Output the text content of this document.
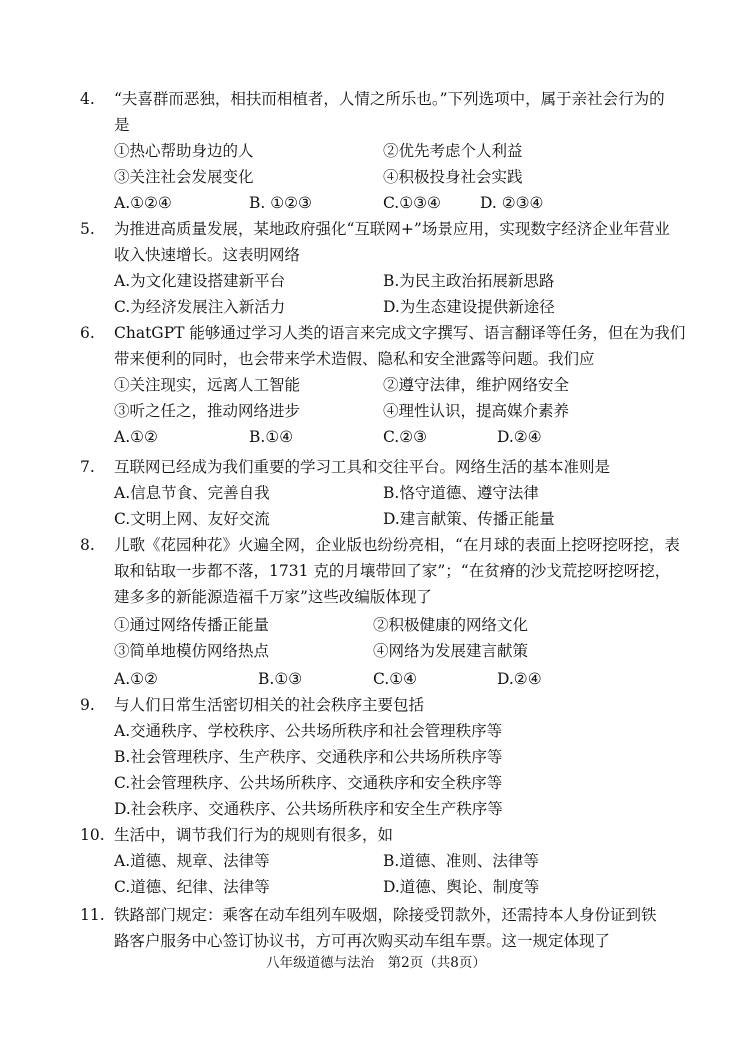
4. “夫喜群而恶独，相扶而相植者，人情之所乐也。”下列选项中，属于亲社会行为的
是
①热心帮助身边的人	②优先考虑个人利益
③关注社会发展变化	④积极投身社会实践
A.①②④	B. ①②③	C.①③④	D. ②③④
5. 为推进高质量发展，某地政府强化“互联网+”场景应用，实现数字经济企业年营业
收入快速增长。这表明网络
A.为文化建设搭建新平台	B.为民主政治拓展新思路
C.为经济发展注入新活力	D.为生态建设提供新途径
6. ChatGPT 能够通过学习人类的语言来完成文字撰写、语言翻译等任务，但在为我们
带来便利的同时，也会带来学术造假、隐私和安全泄露等问题。我们应
①关注现实，远离人工智能	②遵守法律，维护网络安全
③听之任之，推动网络进步	④理性认识，提高媒介素养
A.①②	B.①④	C.②③	D.②④
7. 互联网已经成为我们重要的学习工具和交往平台。网络生活的基本准则是
A.信息节食、完善自我	B.恪守道德、遵守法律
C.文明上网、友好交流	D.建言献策、传播正能量
8. 儿歌《花园种花》火遍全网，企业版也纷纷亮相，“在月球的表面上挖呀挖呀挖，表
取和钻取一步都不落，1731 克的月壤带回了家”；“在贫瘠的沙戈荒挖呀挖呀挖，
建多多的新能源造福千万家”这些改编版体现了
①通过网络传播正能量	②积极健康的网络文化
③简单地模仿网络热点	④网络为发展建言献策
A.①②	B.①③	C.①④	D.②④
9. 与人们日常生活密切相关的社会秩序主要包括
A.交通秩序、学校秩序、公共场所秩序和社会管理秩序等
B.社会管理秩序、生产秩序、交通秩序和公共场所秩序等
C.社会管理秩序、公共场所秩序、交通秩序和安全秩序等
D.社会秩序、交通秩序、公共场所秩序和安全生产秩序等
10. 生活中，调节我们行为的规则有很多，如
A.道德、规章、法律等	B.道德、准则、法律等
C.道德、纪律、法律等	D.道德、舆论、制度等
11. 铁路部门规定：乘客在动车组列车吸烟，除接受罚款外，还需持本人身份证到铁
路客户服务中心签订协议书，方可再次购买动车组车票。这一规定体现了
八年级道德与法治　第2页（共8页）
